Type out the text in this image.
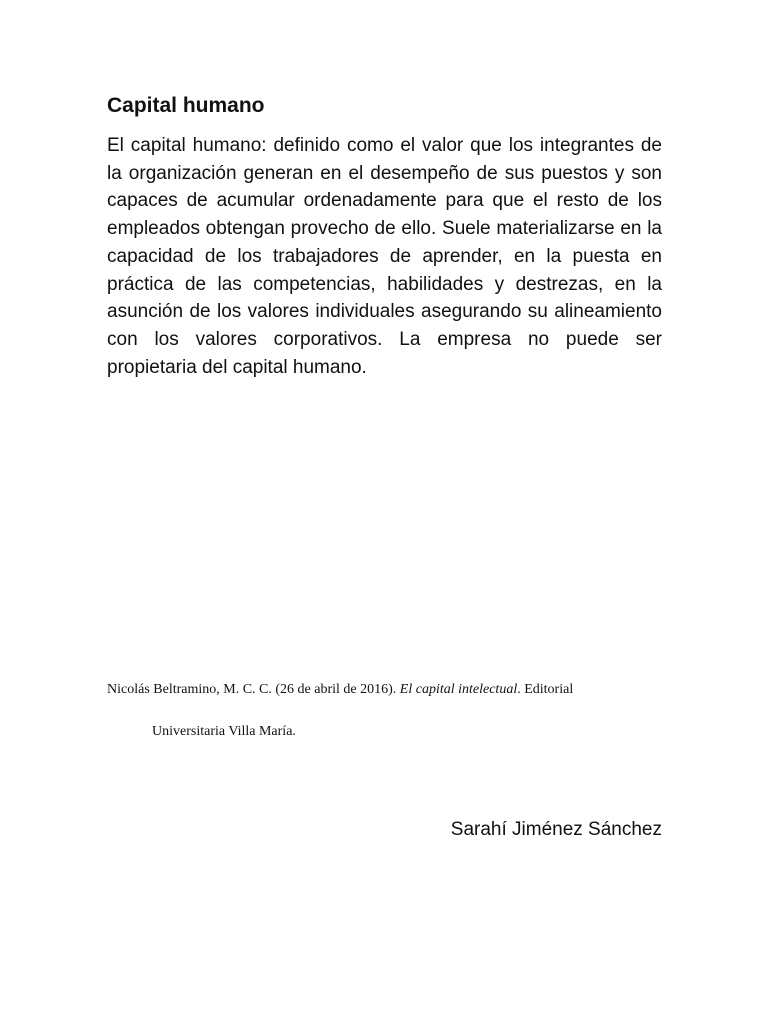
Capital humano

El capital humano: definido como el valor que los integrantes de la organización generan en el desempeño de sus puestos y son capaces de acumular ordenadamente para que el resto de los empleados obtengan provecho de ello. Suele materializarse en la capacidad de los trabajadores de aprender, en la puesta en práctica de las competencias, habilidades y destrezas, en la asunción de los valores individuales asegurando su alineamiento con los valores corporativos. La empresa no puede ser propietaria del capital humano.

Nicolás Beltramino, M. C. C. (26 de abril de 2016). El capital intelectual. Editorial
Universitaria Villa María.

Sarahí Jiménez Sánchez
